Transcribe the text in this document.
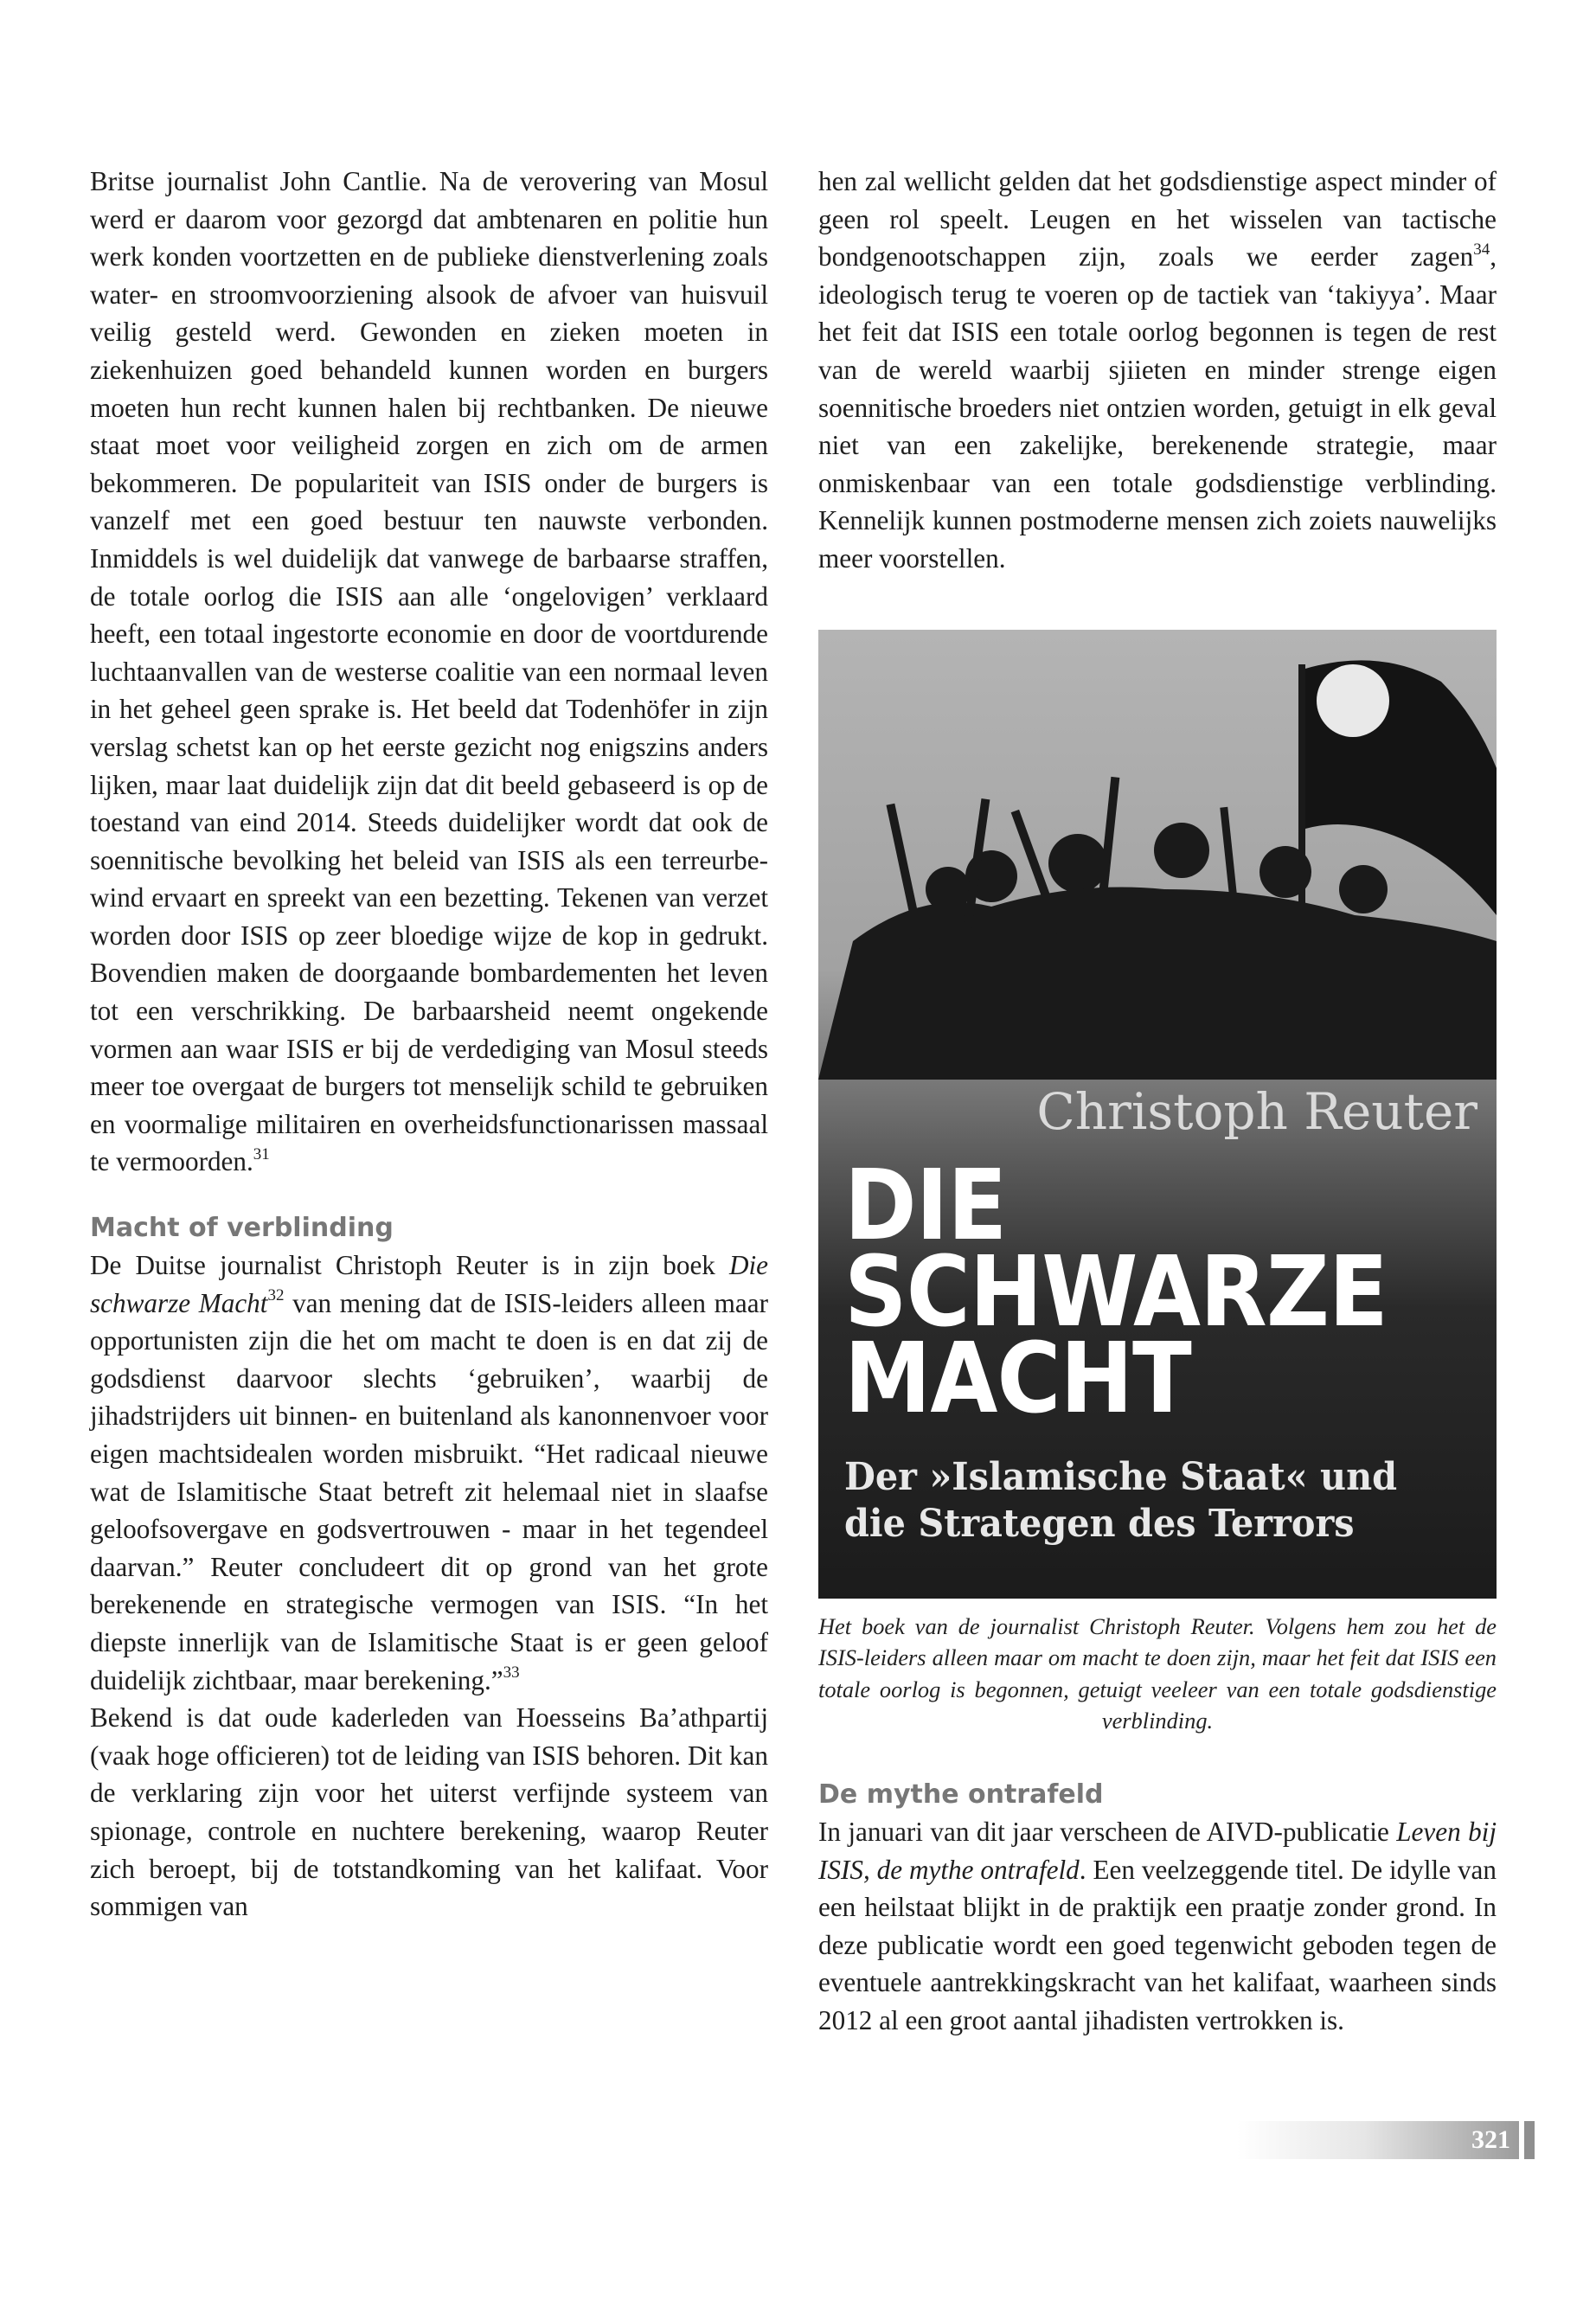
Britse journalist John Cantlie. Na de verovering van Mosul werd er daarom voor gezorgd dat ambtenaren en politie hun werk konden voortzetten en de publieke dienstverlening zoals water- en stroomvoorziening alsook de afvoer van huisvuil veilig gesteld werd. Gewonden en zieken moeten in ziekenhuizen goed behandeld kunnen worden en burgers moeten hun recht kunnen halen bij rechtbanken. De nieuwe staat moet voor veiligheid zorgen en zich om de armen bekommeren. De populariteit van ISIS onder de burgers is vanzelf met een goed bestuur ten nauwste verbonden. Inmiddels is wel duidelijk dat vanwege de barbaarse straffen, de totale oorlog die ISIS aan alle ‘ongelovigen’ verklaard heeft, een totaal ingestorte economie en door de voortdurende luchtaanvallen van de westerse coalitie van een normaal leven in het geheel geen sprake is. Het beeld dat Todenhöfer in zijn verslag schetst kan op het eerste gezicht nog enigszins anders lijken, maar laat duidelijk zijn dat dit beeld gebaseerd is op de toestand van eind 2014. Steeds duidelijker wordt dat ook de soennitische bevolking het beleid van ISIS als een terreurbewind ervaart en spreekt van een bezetting. Tekenen van verzet worden door ISIS op zeer bloedige wijze de kop in gedrukt. Bovendien maken de doorgaande bombardementen het leven tot een verschrikking. De barbaarsheid neemt ongekende vormen aan waar ISIS er bij de verdediging van Mosul steeds meer toe overgaat de burgers tot menselijk schild te gebruiken en voormalige militairen en overheidsfunctionarissen massaal te vermoorden.$^{31}$

Macht of verblinding

De Duitse journalist Christoph Reuter is in zijn boek Die schwarze Macht$^{32}$ van mening dat de ISIS-leiders alleen maar opportunisten zijn die het om macht te doen is en dat zij de godsdienst daarvoor slechts ‘gebruiken’, waarbij de jihadstrijders uit binnen- en buitenland als kanonnenvoer voor eigen machtsidealen worden misbruikt. “Het radicaal nieuwe wat de Islamitische Staat betreft zit helemaal niet in slaafse geloofsovergave en godsvertrouwen - maar in het tegendeel daarvan.” Reuter concludeert dit op grond van het grote berekenende en strategische vermogen van ISIS. “In het diepste innerlijk van de Islamitische Staat is er geen geloof duidelijk zichtbaar, maar berekening.”$^{33}$

Bekend is dat oude kaderleden van Hoesseins Ba’athpartij (vaak hoge officieren) tot de leiding van ISIS behoren. Dit kan de verklaring zijn voor het uiterst verfijnde systeem van spionage, controle en nuchtere berekening, waarop Reuter zich beroept, bij de totstandkoming van het kalifaat. Voor sommigen van

hen zal wellicht gelden dat het godsdienstige aspect minder of geen rol speelt. Leugen en het wisselen van tactische bondgenootschappen zijn, zoals we eerder zagen$^{34}$, ideologisch terug te voeren op de tactiek van ‘takiyya’. Maar het feit dat ISIS een totale oorlog begonnen is tegen de rest van de wereld waarbij sjiieten en minder strenge eigen soennitische broeders niet ontzien worden, getuigt in elk geval niet van een zakelijke, berekenende strategie, maar onmiskenbaar van een totale godsdienstige verblinding. Kennelijk kunnen postmoderne mensen zich zoiets nauwelijks meer voorstellen.

Christoph Reuter
DIE
SCHWARZE
MACHT
Der »Islamische Staat« und
die Strategen des Terrors

Het boek van de journalist Christoph Reuter. Volgens hem zou het de ISIS-leiders alleen maar om macht te doen zijn, maar het feit dat ISIS een totale oorlog is begonnen, getuigt veeleer van een totale godsdienstige verblinding.

De mythe ontrafeld

In januari van dit jaar verscheen de AIVD-publicatie Leven bij ISIS, de mythe ontrafeld. Een veelzeggende titel. De idylle van een heilstaat blijkt in de praktijk een praatje zonder grond. In deze publicatie wordt een goed tegenwicht geboden tegen de eventuele aantrekkingskracht van het kalifaat, waarheen sinds 2012 al een groot aantal jihadisten vertrokken is.

321
